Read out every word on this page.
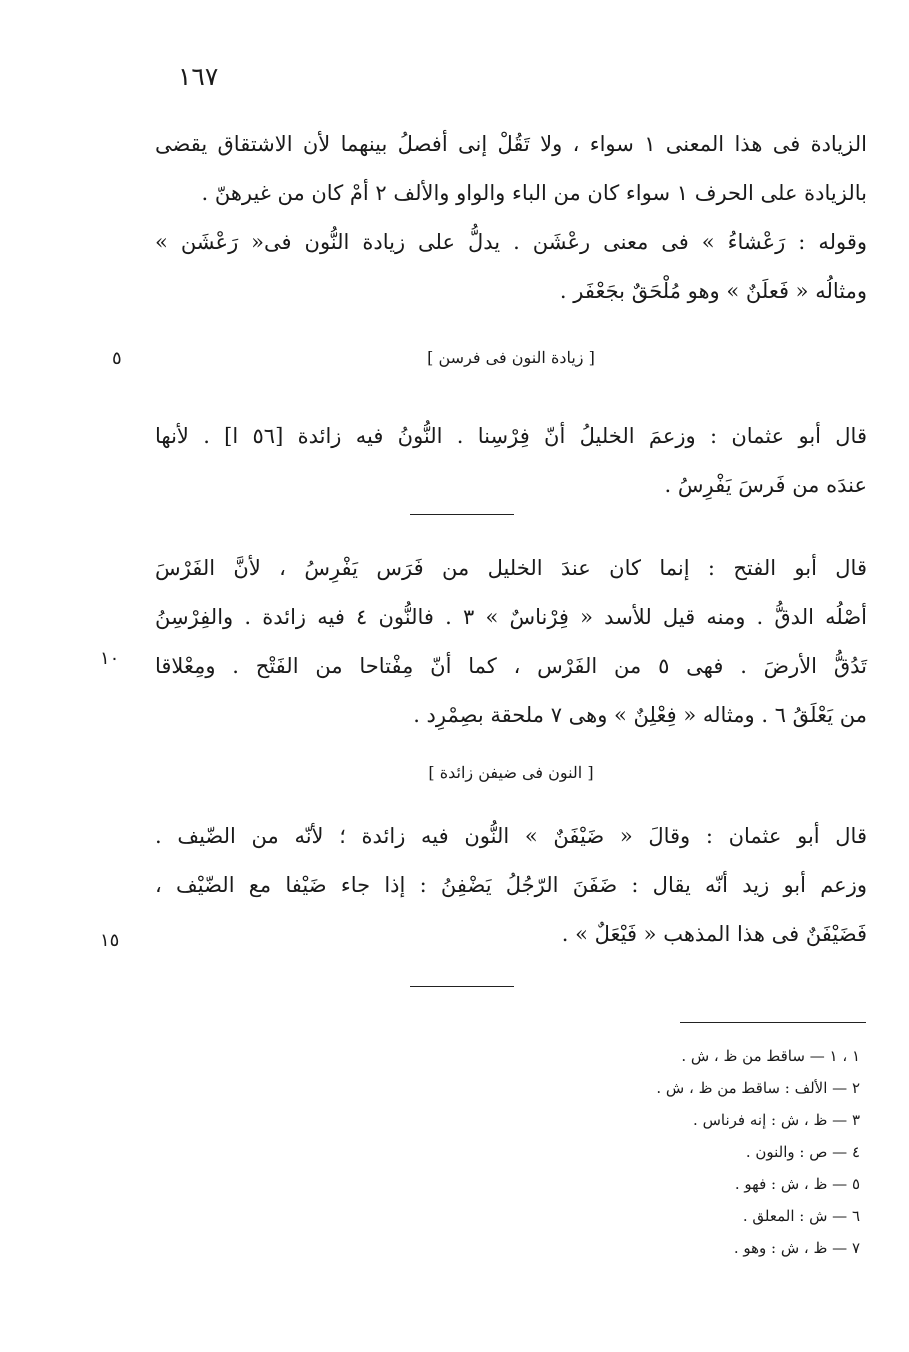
١٦٧
الزيادة فى هذا المعنى ١ سواء ، ولا تَقُلْ إنى أفصلُ بينهما لأن الاشتقاق يقضى
بالزيادة على الحرف ١ سواء كان من الباء والواو والألف ٢ أمْ كان من غيرهنّ .
وقوله : رَعْشاءُ » فى معنى رعْشَن . يدلُّ على زيادة النُّون فى« رَعْشَن »
ومثالُه « فَعلَنٌ » وهو مُلْحَقٌ بجَعْفَر .
[ زيادة النون فى فرسن ]
٥
قال أبو عثمان : وزعمَ الخليلُ أنّ فِرْسِنا . النُّونُ فيه زائدة [٥٦ ا] . لأنها
عندَه من فَرسَ يَفْرِسُ .
قال أبو الفتح : إنما كان عندَ الخليل من فَرَس يَفْرِسُ ، لأنَّ الفَرْسَ
أصْلُه الدقُّ . ومنه قيل للأسد « فِرْناسٌ » ٣ . فالنُّون ٤ فيه زائدة . والفِرْسِنُ
تَدُقُّ الأرضَ . فهى ٥ من الفَرْس ، كما أنّ مِفْتاحا من الفَتْح . ومِعْلاقا
من يَعْلَقُ ٦ . ومثاله « فِعْلِنٌ » وهى ٧ ملحقة بصِمْرِد .
١٠
[ النون فى ضيفن زائدة ]
قال أبو عثمان : وقالَ « ضَيْفَنٌ » النُّون فيه زائدة ؛ لأنّه من الضّيف .
وزعم أبو زيد أنّه يقال : ضَفَنَ الرّجُلُ يَضْفِنُ : إذا جاء ضَيْفا مع الضّيْف ،
فَضَيْفَنٌ فى هذا المذهب « فَيْعَلٌ » .
١٥
١ ، ١ — ساقط من ظ ، ش .
٢ — الألف : ساقط من ظ ، ش .
٣ — ظ ، ش : إنه فرناس .
٤ — ص : والنون .
٥ — ظ ، ش : فهو .
٦ — ش : المعلق .
٧ — ظ ، ش : وهو .
